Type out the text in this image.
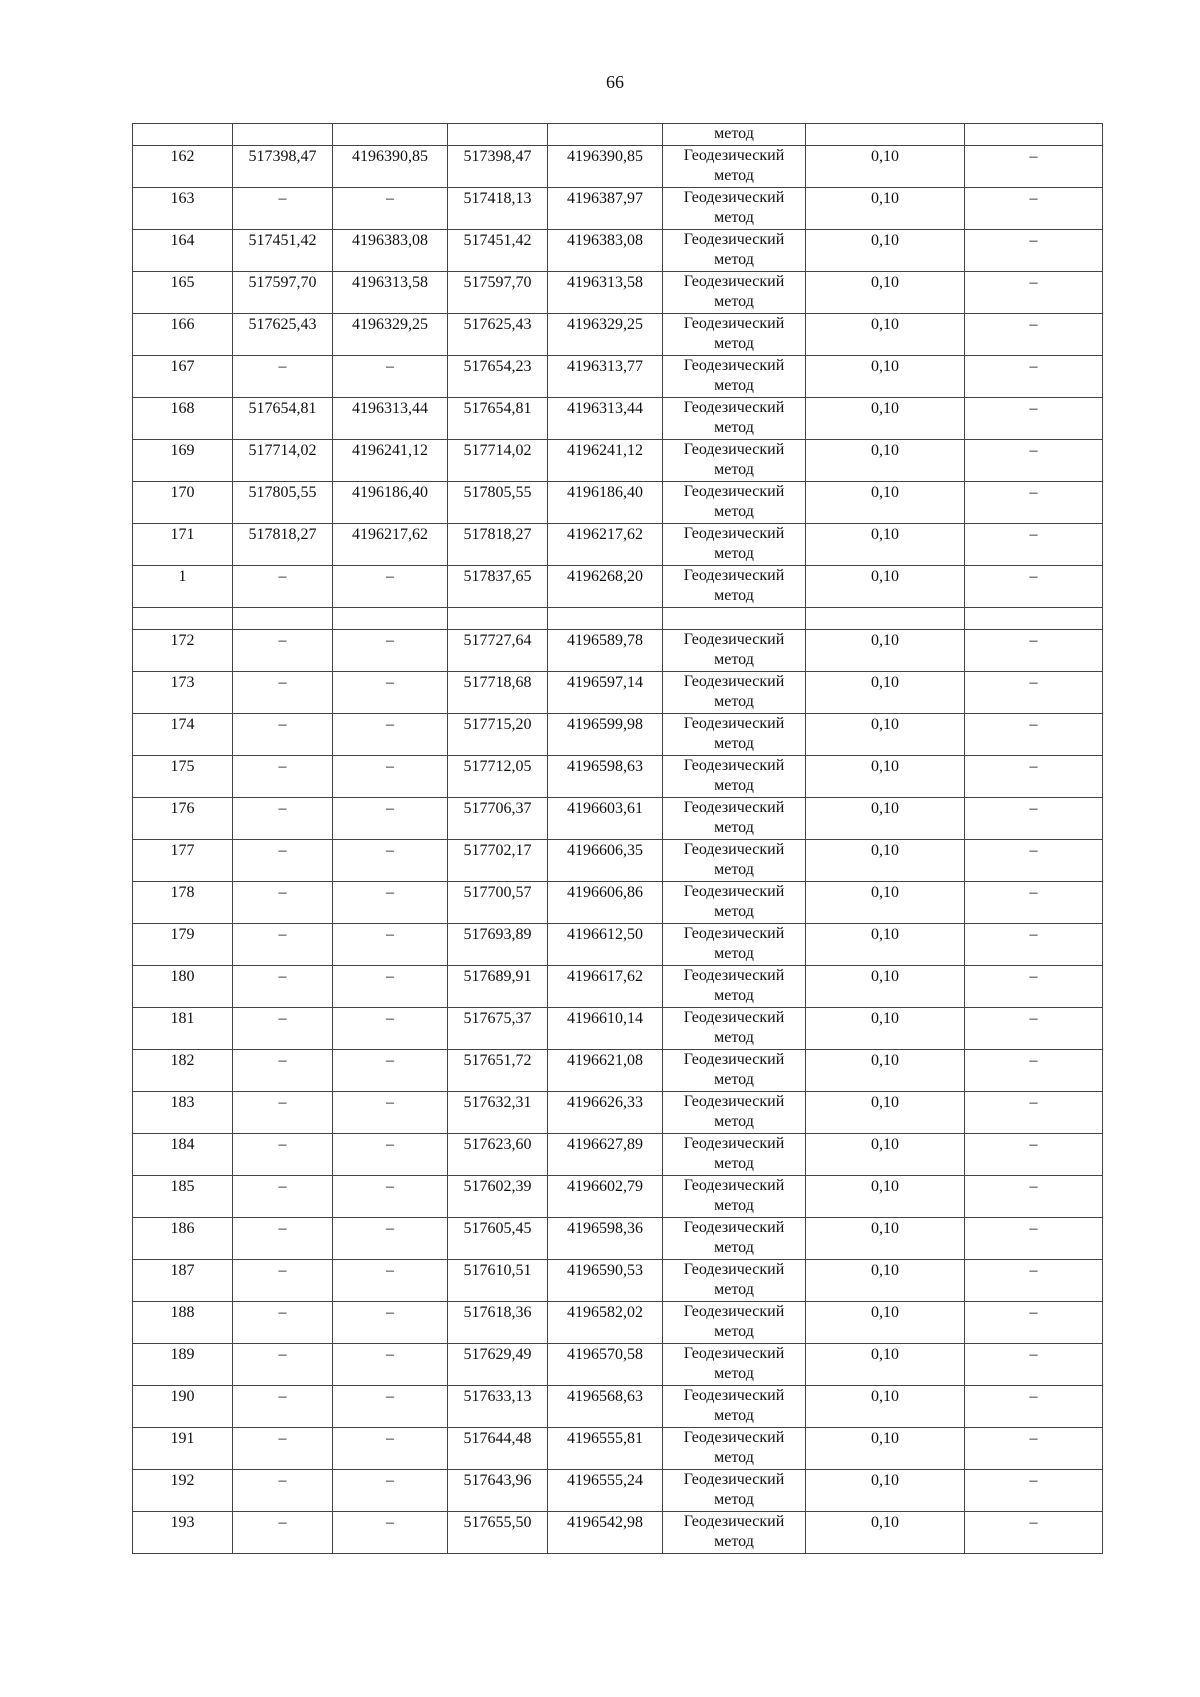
66
					метод		
162	517398,47	4196390,85	517398,47	4196390,85	Геодезический метод	0,10	–
163	–	–	517418,13	4196387,97	Геодезический метод	0,10	–
164	517451,42	4196383,08	517451,42	4196383,08	Геодезический метод	0,10	–
165	517597,70	4196313,58	517597,70	4196313,58	Геодезический метод	0,10	–
166	517625,43	4196329,25	517625,43	4196329,25	Геодезический метод	0,10	–
167	–	–	517654,23	4196313,77	Геодезический метод	0,10	–
168	517654,81	4196313,44	517654,81	4196313,44	Геодезический метод	0,10	–
169	517714,02	4196241,12	517714,02	4196241,12	Геодезический метод	0,10	–
170	517805,55	4196186,40	517805,55	4196186,40	Геодезический метод	0,10	–
171	517818,27	4196217,62	517818,27	4196217,62	Геодезический метод	0,10	–
1	–	–	517837,65	4196268,20	Геодезический метод	0,10	–

172	–	–	517727,64	4196589,78	Геодезический метод	0,10	–
173	–	–	517718,68	4196597,14	Геодезический метод	0,10	–
174	–	–	517715,20	4196599,98	Геодезический метод	0,10	–
175	–	–	517712,05	4196598,63	Геодезический метод	0,10	–
176	–	–	517706,37	4196603,61	Геодезический метод	0,10	–
177	–	–	517702,17	4196606,35	Геодезический метод	0,10	–
178	–	–	517700,57	4196606,86	Геодезический метод	0,10	–
179	–	–	517693,89	4196612,50	Геодезический метод	0,10	–
180	–	–	517689,91	4196617,62	Геодезический метод	0,10	–
181	–	–	517675,37	4196610,14	Геодезический метод	0,10	–
182	–	–	517651,72	4196621,08	Геодезический метод	0,10	–
183	–	–	517632,31	4196626,33	Геодезический метод	0,10	–
184	–	–	517623,60	4196627,89	Геодезический метод	0,10	–
185	–	–	517602,39	4196602,79	Геодезический метод	0,10	–
186	–	–	517605,45	4196598,36	Геодезический метод	0,10	–
187	–	–	517610,51	4196590,53	Геодезический метод	0,10	–
188	–	–	517618,36	4196582,02	Геодезический метод	0,10	–
189	–	–	517629,49	4196570,58	Геодезический метод	0,10	–
190	–	–	517633,13	4196568,63	Геодезический метод	0,10	–
191	–	–	517644,48	4196555,81	Геодезический метод	0,10	–
192	–	–	517643,96	4196555,24	Геодезический метод	0,10	–
193	–	–	517655,50	4196542,98	Геодезический метод	0,10	–
